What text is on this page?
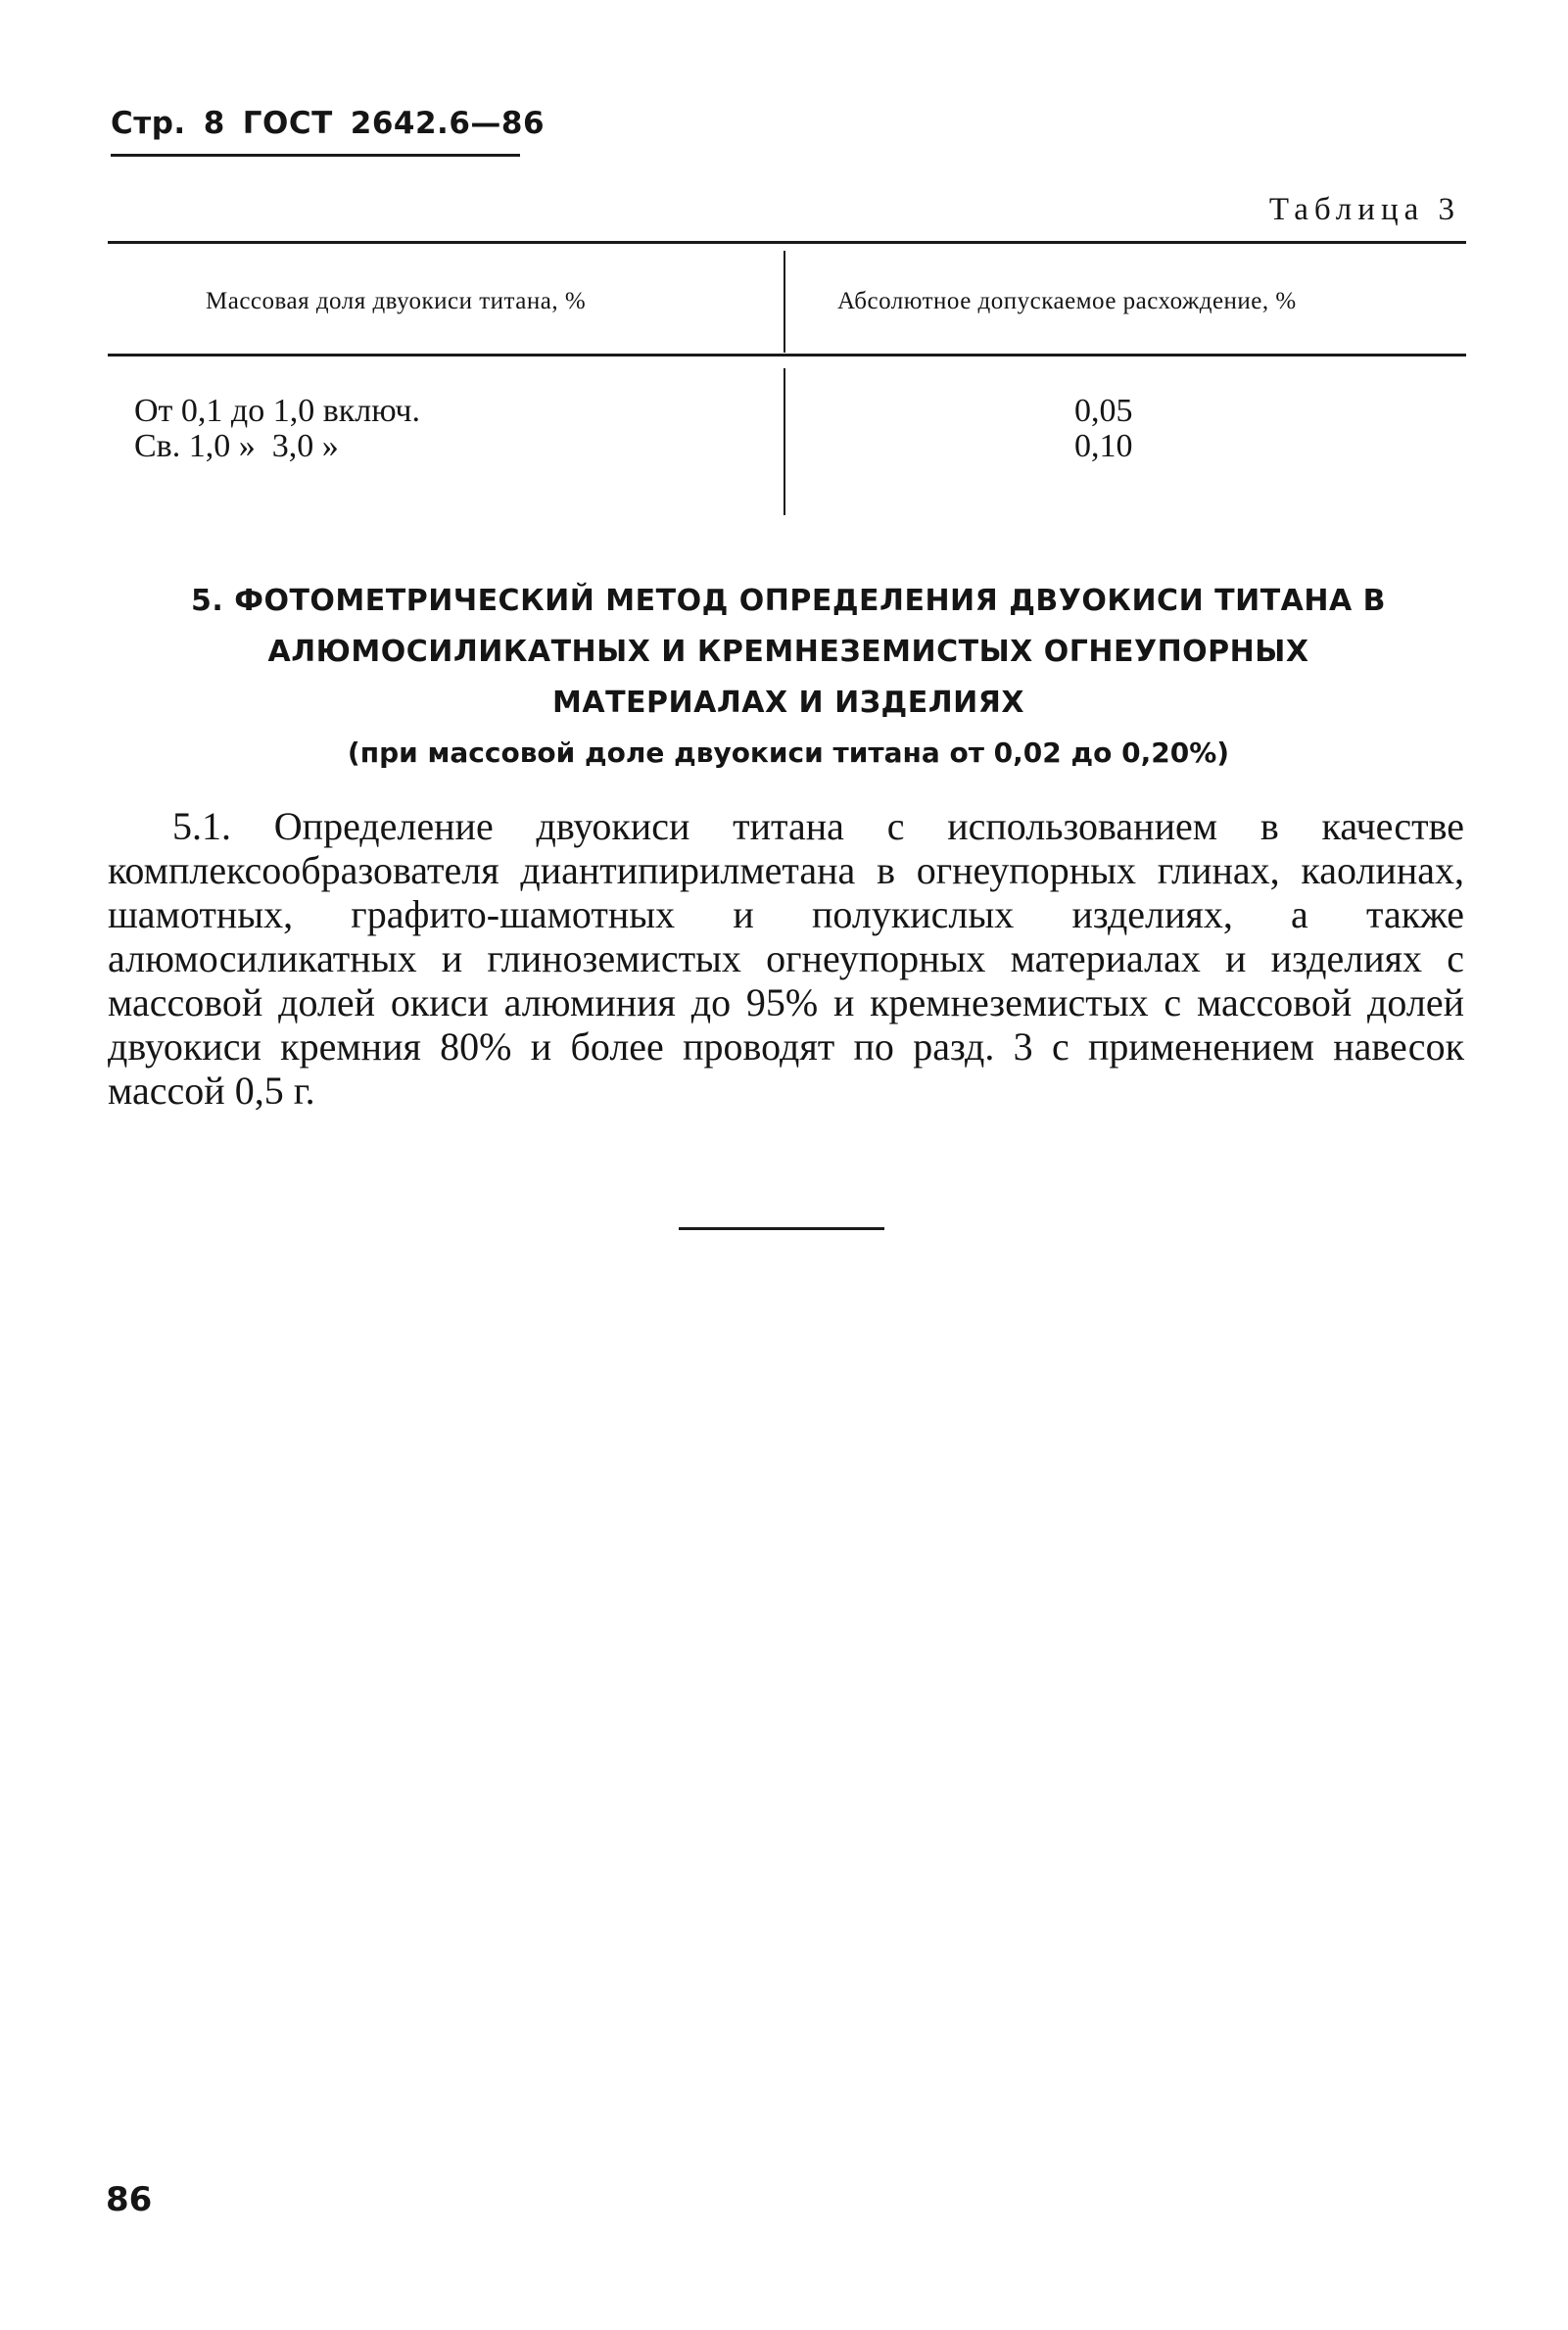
Стр. 8 ГОСТ 2642.6—86
Таблица 3
Массовая доля двуокиси титана, %	Абсолютное допускаемое расхождение, %
От 0,1 до 1,0 включ.
Св. 1,0 »  3,0 »
0,05
0,10
5. ФОТОМЕТРИЧЕСКИЙ МЕТОД ОПРЕДЕЛЕНИЯ ДВУОКИСИ ТИТАНА В
АЛЮМОСИЛИКАТНЫХ И КРЕМНЕЗЕМИСТЫХ ОГНЕУПОРНЫХ
МАТЕРИАЛАХ И ИЗДЕЛИЯХ
(при массовой доле двуокиси титана от 0,02 до 0,20%)
5.1. Определение двуокиси титана с использованием в качестве комплексообразователя диантипирилметана в огнеупорных глинах, каолинах, шамотных, графито-шамотных и полукислых изделиях, а также алюмосиликатных и глиноземистых огнеупорных материалах и изделиях с массовой долей окиси алюминия до 95% и кремнеземистых с массовой долей двуокиси кремния 80% и более проводят по разд. 3 с применением навесок массой 0,5 г.
86
